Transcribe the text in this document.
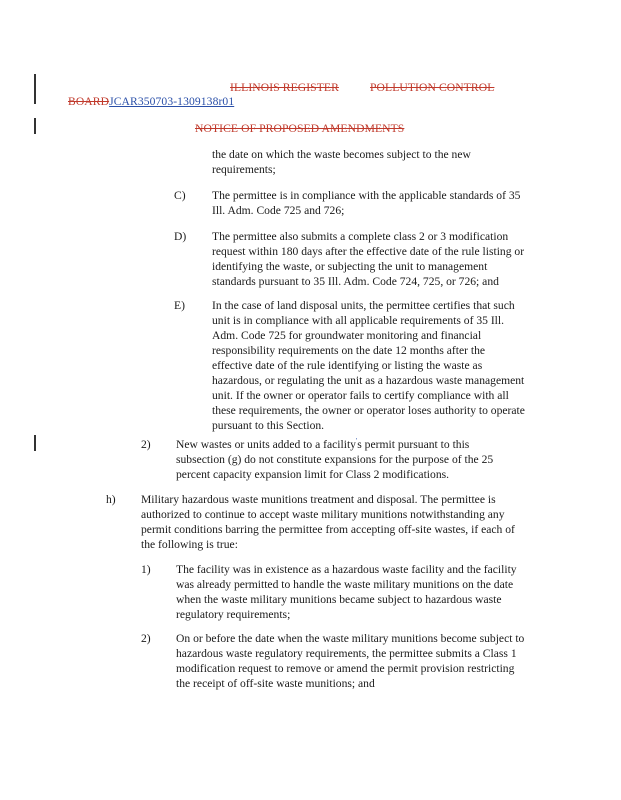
ILLINOIS REGISTER	POLLUTION CONTROL
BOARDJCAR350703-1309138r01
NOTICE OF PROPOSED AMENDMENTS
the date on which the waste becomes subject to the new
requirements;
C) The permittee is in compliance with the applicable standards of 35
Ill. Adm. Code 725 and 726;
D) The permittee also submits a complete class 2 or 3 modification
request within 180 days after the effective date of the rule listing or
identifying the waste, or subjecting the unit to management
standards pursuant to 35 Ill. Adm. Code 724, 725, or 726; and
E) In the case of land disposal units, the permittee certifies that such
unit is in compliance with all applicable requirements of 35 Ill.
Adm. Code 725 for groundwater monitoring and financial
responsibility requirements on the date 12 months after the
effective date of the rule identifying or listing the waste as
hazardous, or regulating the unit as a hazardous waste management
unit. If the owner or operator fails to certify compliance with all
these requirements, the owner or operator loses authority to operate
pursuant to this Section.
2) New wastes or units added to a facility's permit pursuant to this
subsection (g) do not constitute expansions for the purpose of the 25
percent capacity expansion limit for Class 2 modifications.
h) Military hazardous waste munitions treatment and disposal. The permittee is
authorized to continue to accept waste military munitions notwithstanding any
permit conditions barring the permittee from accepting off-site wastes, if each of
the following is true:
1) The facility was in existence as a hazardous waste facility and the facility
was already permitted to handle the waste military munitions on the date
when the waste military munitions became subject to hazardous waste
regulatory requirements;
2) On or before the date when the waste military munitions become subject to
hazardous waste regulatory requirements, the permittee submits a Class 1
modification request to remove or amend the permit provision restricting
the receipt of off-site waste munitions; and
